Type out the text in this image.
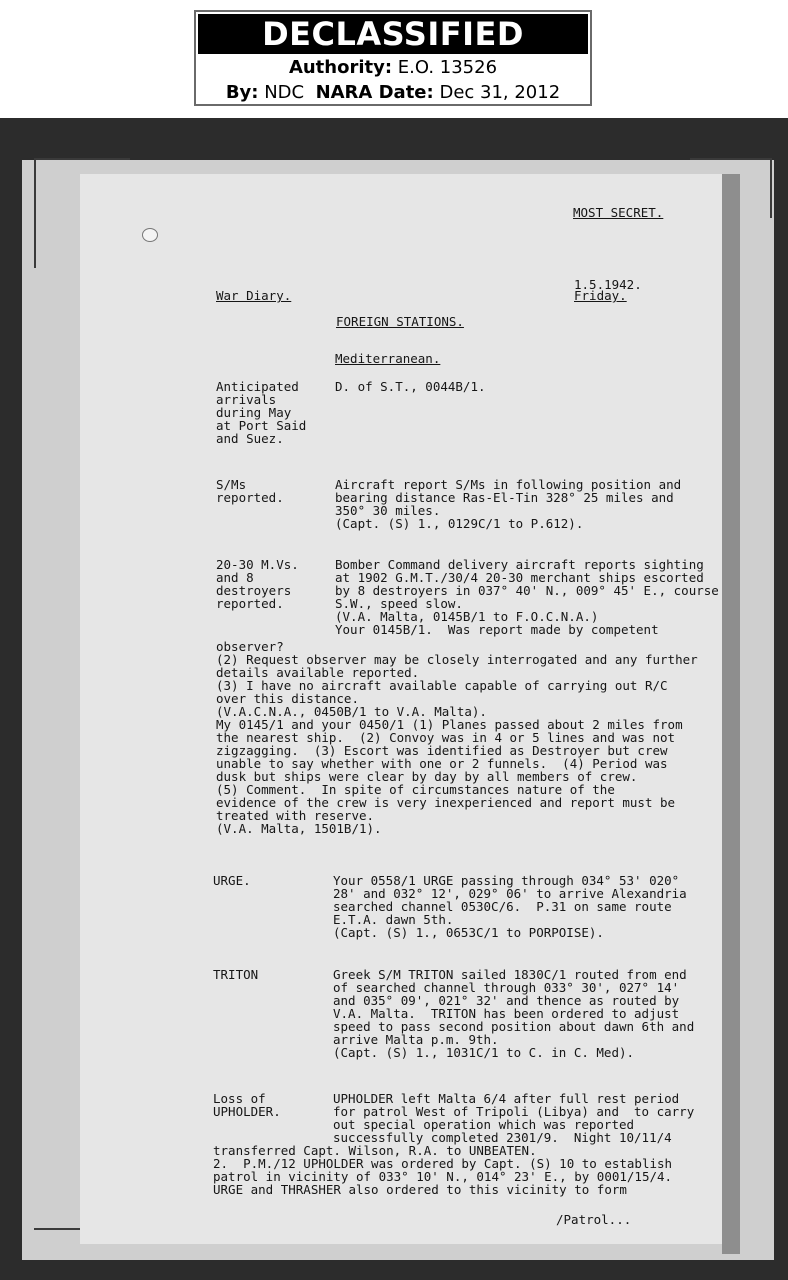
DECLASSIFIED
Authority: E.O. 13526
By: NDC NARA Date: Dec 31, 2012
MOST SECRET.
1.5.1942.
Friday.
War Diary.
FOREIGN STATIONS.
Mediterranean.
Anticipated
arrivals
during May
at Port Said
and Suez.
D. of S.T., 0044B/1.
S/Ms
reported.
Aircraft report S/Ms in following position and
bearing distance Ras-El-Tin 328° 25 miles and
350° 30 miles.
(Capt. (S) 1., 0129C/1 to P.612).
20-30 M.Vs.
and 8
destroyers
reported.
Bomber Command delivery aircraft reports sighting
at 1902 G.M.T./30/4 20-30 merchant ships escorted
by 8 destroyers in 037° 40' N., 009° 45' E., course
S.W., speed slow.
(V.A. Malta, 0145B/1 to F.O.C.N.A.)
Your 0145B/1.  Was report made by competent
observer?
(2) Request observer may be closely interrogated and any further
details available reported.
(3) I have no aircraft available capable of carrying out R/C
over this distance.
(V.A.C.N.A., 0450B/1 to V.A. Malta).
My 0145/1 and your 0450/1 (1) Planes passed about 2 miles from
the nearest ship.  (2) Convoy was in 4 or 5 lines and was not
zigzagging.  (3) Escort was identified as Destroyer but crew
unable to say whether with one or 2 funnels.  (4) Period was
dusk but ships were clear by day by all members of crew.
(5) Comment.  In spite of circumstances nature of the
evidence of the crew is very inexperienced and report must be
treated with reserve.
(V.A. Malta, 1501B/1).
URGE.	Your 0558/1 URGE passing through 034° 53' 020°
28' and 032° 12', 029° 06' to arrive Alexandria
searched channel 0530C/6.  P.31 on same route
E.T.A. dawn 5th.
(Capt. (S) 1., 0653C/1 to PORPOISE).
TRITON	Greek S/M TRITON sailed 1830C/1 routed from end
of searched channel through 033° 30', 027° 14'
and 035° 09', 021° 32' and thence as routed by
V.A. Malta.  TRITON has been ordered to adjust
speed to pass second position about dawn 6th and
arrive Malta p.m. 9th.
(Capt. (S) 1., 1031C/1 to C. in C. Med).
Loss of
UPHOLDER.
UPHOLDER left Malta 6/4 after full rest period
for patrol West of Tripoli (Libya) and  to carry
out special operation which was reported
successfully completed 2301/9.  Night 10/11/4
transferred Capt. Wilson, R.A. to UNBEATEN.
2.  P.M./12 UPHOLDER was ordered by Capt. (S) 10 to establish
patrol in vicinity of 033° 10' N., 014° 23' E., by 0001/15/4.
URGE and THRASHER also ordered to this vicinity to form
/Patrol...
